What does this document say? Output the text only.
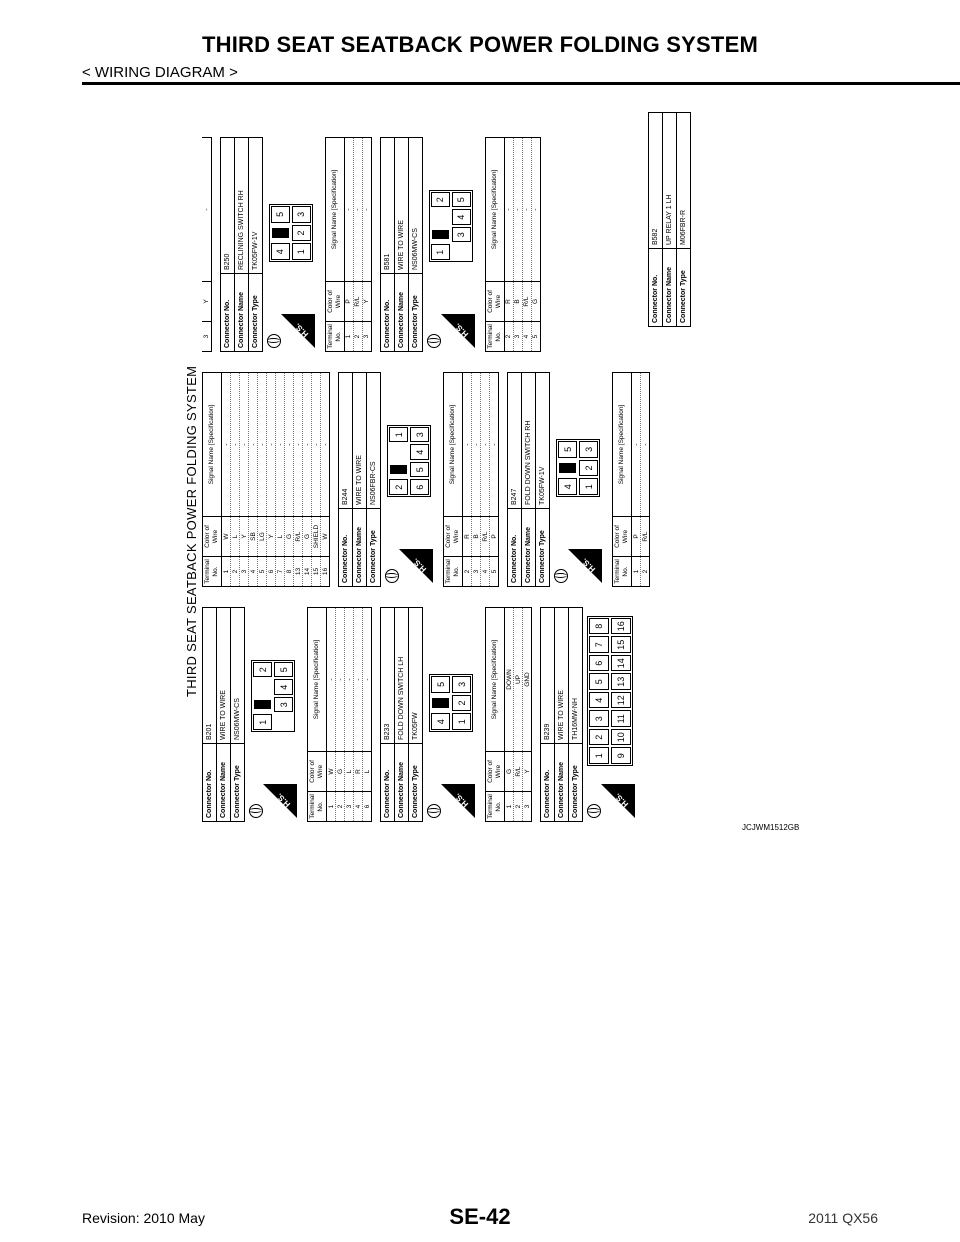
THIRD SEAT SEATBACK POWER FOLDING SYSTEM
< WIRING DIAGRAM >
THIRD SEAT SEATBACK POWER FOLDING SYSTEM
Connector No.	B201
Connector Name	WIRE TO WIRE
Connector Type	NS06MW-CS
H.S.
1
2
3
4
5
Terminal No.	Color of Wire	Signal Name [Specification]
1	W	-
2	G	-
3	L	-
4	R	-
6	L	-
Connector No.	B233
Connector Name	FOLD DOWN SWITCH LH
Connector Type	TK05FW
H.S.
4
5
1
2
3
Terminal No.	Color of Wire	Signal Name [Specification]
1	G	DOWN
2	R/L	UP
3	Y	GND
Connector No.	B239
Connector Name	WIRE TO WIRE
Connector Type	TH16MW-NH
H.S.
1
2
3
4
5
6
7
8
9
10
11
12
13
14
15
16
Terminal No.	Color of Wire	Signal Name [Specification]
1	W	-
2	L	-
3	Y	-
4	SB	-
5	LG	-
6	Y	-
7	L	-
8	G	-
13	R/L	-
14	G	-
15	SHIELD	-
16	W	-
Connector No.	B244
Connector Name	WIRE TO WIRE
Connector Type	NS06FBR-CS
H.S.
2
1
6
5
4
3
Terminal No.	Color of Wire	Signal Name [Specification]
2	R	-
3	B	-
4	R/L	-
5	P	-
Connector No.	B247
Connector Name	FOLD DOWN SWITCH RH
Connector Type	TK05FW-1V
H.S.
4
5
1
2
3
Terminal No.	Color of Wire	Signal Name [Specification]
1	P	-
2	R/L	-
3	Y	-
Connector No.	B250
Connector Name	RECLINING SWITCH RH
Connector Type	TK05FW-1V
H.S.
4
5
1
2
3
Terminal No.	Color of Wire	Signal Name [Specification]
1	P	-
2	R/L	-
3	Y	-
Connector No.	B581
Connector Name	WIRE TO WIRE
Connector Type	NS06MW-CS
H.S.
1
2
3
4
5
Terminal No.	Color of Wire	Signal Name [Specification]
2	R	-
3	B	-
4	R/L	-
5	G	-
Connector No.	B582
Connector Name	UP RELAY 1 LH
Connector Type	M06FBR-R
JCJWM1512GB
Revision: 2010 May	SE-42	2011 QX56
